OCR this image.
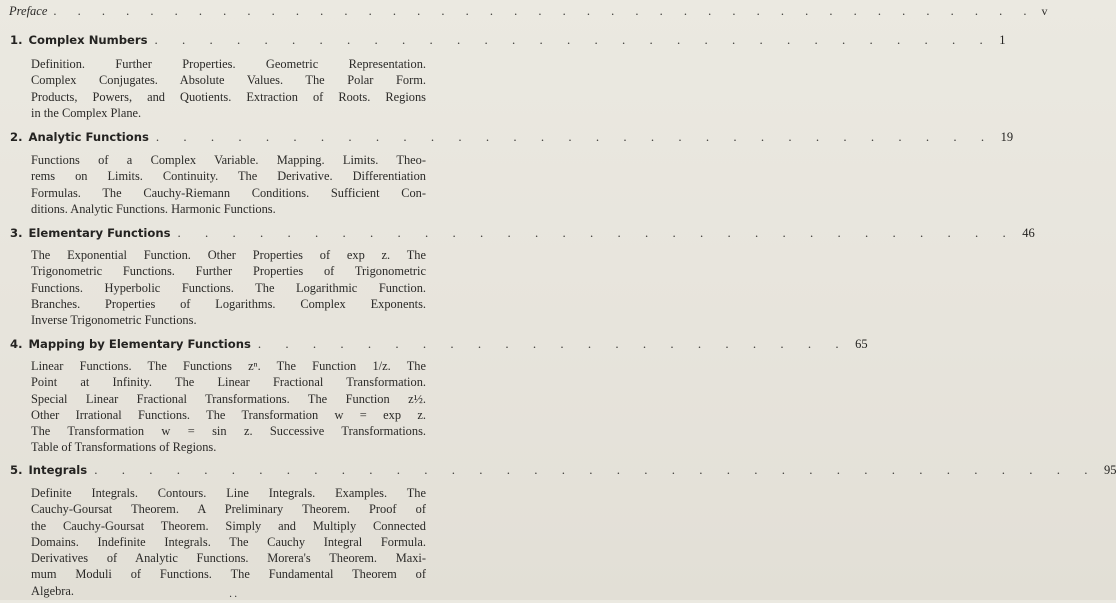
Preface . . . . . . . . . . . . . . . . . . . . . . . . . . . . . . . . . . . . . . . . . v
1. Complex Numbers . . . . . . . . . . . . . . . . . . . . . . . . . . . . . . . 1
Definition. Further Properties. Geometric Representation.
Complex Conjugates. Absolute Values. The Polar Form.
Products, Powers, and Quotients. Extraction of Roots. Regions
in the Complex Plane.
2. Analytic Functions . . . . . . . . . . . . . . . . . . . . . . . . . . . . . . . 19
Functions of a Complex Variable. Mapping. Limits. Theo-
rems on Limits. Continuity. The Derivative. Differentiation
Formulas. The Cauchy-Riemann Conditions. Sufficient Con-
ditions. Analytic Functions. Harmonic Functions.
3. Elementary Functions . . . . . . . . . . . . . . . . . . . . . . . . . . . . . . . 46
The Exponential Function. Other Properties of exp z. The
Trigonometric Functions. Further Properties of Trigonometric
Functions. Hyperbolic Functions. The Logarithmic Function.
Branches. Properties of Logarithms. Complex Exponents.
Inverse Trigonometric Functions.
4. Mapping by Elementary Functions . . . . . . . . . . . . . . . . . . . . . . 65
Linear Functions. The Functions zⁿ. The Function 1/z. The
Point at Infinity. The Linear Fractional Transformation.
Special Linear Fractional Transformations. The Function z½.
Other Irrational Functions. The Transformation w = exp z.
The Transformation w = sin z. Successive Transformations.
Table of Transformations of Regions.
5. Integrals . . . . . . . . . . . . . . . . . . . . . . . . . . . . . . . . . . . . . 95
Definite Integrals. Contours. Line Integrals. Examples. The
Cauchy-Goursat Theorem. A Preliminary Theorem. Proof of
the Cauchy-Goursat Theorem. Simply and Multiply Connected
Domains. Indefinite Integrals. The Cauchy Integral Formula.
Derivatives of Analytic Functions. Morera's Theorem. Maxi-
mum Moduli of Functions. The Fundamental Theorem of
Algebra.	··
